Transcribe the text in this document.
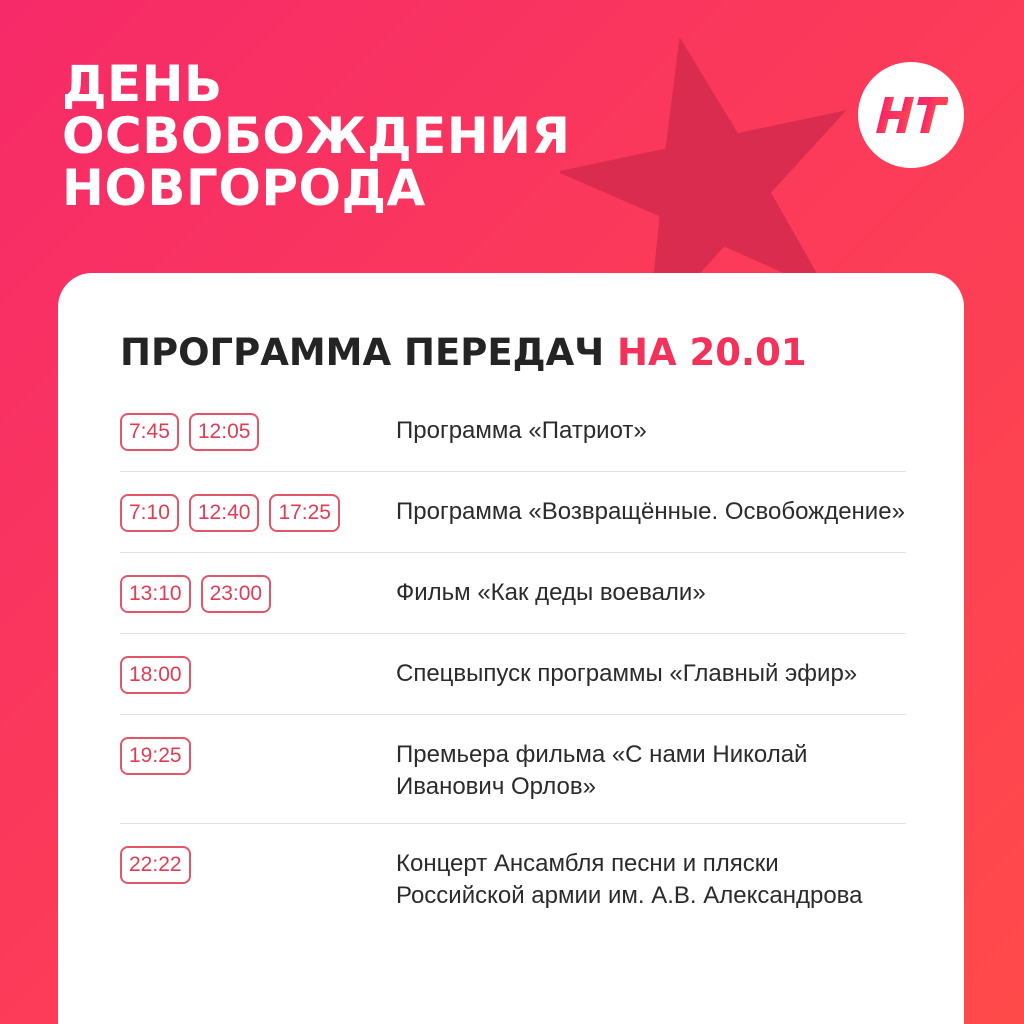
ДЕНЬ
ОСВОБОЖДЕНИЯ
НОВГОРОДА
ПРОГРАММА ПЕРЕДАЧ НА 20.01
7:45	12:05	Программа «Патриот»
7:10	12:40	17:25	Программа «Возвращённые. Освобождение»
13:10	23:00	Фильм «Как деды воевали»
18:00	Спецвыпуск программы «Главный эфир»
19:25	Премьера фильма «С нами Николай Иванович Орлов»
22:22	Концерт Ансамбля песни и пляски Российской армии им. А.В. Александрова
